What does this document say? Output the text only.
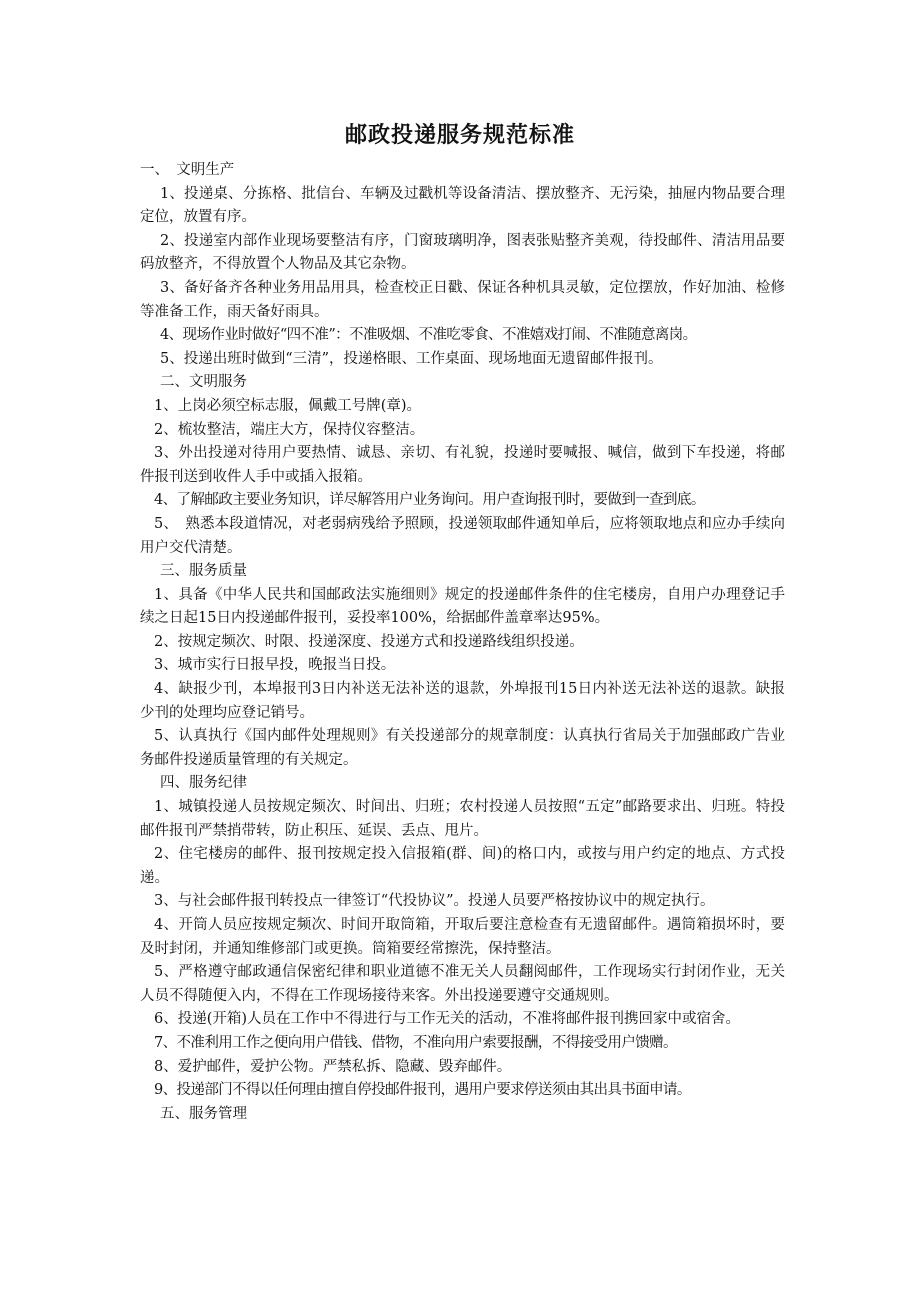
邮政投递服务规范标准

一、　文明生产

1、投递桌、分拣格、批信台、车辆及过戳机等设备清洁、摆放整齐、无污染，抽屉内物品要合理定位，放置有序。

2、投递室内部作业现场要整洁有序，门窗玻璃明净，图表张贴整齐美观，待投邮件、清洁用品要码放整齐，不得放置个人物品及其它杂物。

3、备好备齐各种业务用品用具，检查校正日戳、保证各种机具灵敏，定位摆放，作好加油、检修等准备工作，雨天备好雨具。

4、现场作业时做好“四不准”：不准吸烟、不准吃零食、不准嬉戏打闹、不准随意离岗。

5、投递出班时做到“三清”，投递格眼、工作桌面、现场地面无遗留邮件报刊。

二、文明服务

1、上岗必须空标志服，佩戴工号牌(章)。

2、梳妆整洁，端庄大方，保持仪容整洁。

3、外出投递对待用户要热情、诚恳、亲切、有礼貌，投递时要喊报、喊信，做到下车投递，将邮件报刊送到收件人手中或插入报箱。

4、了解邮政主要业务知识，详尽解答用户业务询问。用户查询报刊时，要做到一查到底。

5、　熟悉本段道情况，对老弱病残给予照顾，投递领取邮件通知单后，应将领取地点和应办手续向用户交代清楚。

三、服务质量

1、具备《中华人民共和国邮政法实施细则》规定的投递邮件条件的住宅楼房，自用户办理登记手续之日起15日内投递邮件报刊，妥投率100%，给据邮件盖章率达95%。

2、按规定频次、时限、投递深度、投递方式和投递路线组织投递。

3、城市实行日报早投，晚报当日投。

4、缺报少刊，本埠报刊3日内补送无法补送的退款，外埠报刊15日内补送无法补送的退款。缺报少刊的处理均应登记销号。

5、认真执行《国内邮件处理规则》有关投递部分的规章制度：认真执行省局关于加强邮政广告业务邮件投递质量管理的有关规定。

四、服务纪律

1、城镇投递人员按规定频次、时间出、归班；农村投递人员按照“五定”邮路要求出、归班。特投邮件报刊严禁捎带转，防止积压、延误、丢点、甩片。

2、住宅楼房的邮件、报刊按规定投入信报箱(群、间)的格口内，或按与用户约定的地点、方式投递。

3、与社会邮件报刊转投点一律签订“代投协议”。投递人员要严格按协议中的规定执行。

4、开筒人员应按规定频次、时间开取筒箱，开取后要注意检查有无遗留邮件。遇筒箱损坏时，要及时封闭，并通知维修部门或更换。筒箱要经常擦洗，保持整洁。

5、严格遵守邮政通信保密纪律和职业道德不准无关人员翻阅邮件，工作现场实行封闭作业，无关人员不得随便入内，不得在工作现场接待来客。外出投递要遵守交通规则。

6、投递(开箱)人员在工作中不得进行与工作无关的活动，不准将邮件报刊携回家中或宿舍。

7、不准利用工作之便向用户借钱、借物，不准向用户索要报酬，不得接受用户馈赠。

8、爱护邮件，爱护公物。严禁私拆、隐藏、毁弃邮件。

9、投递部门不得以任何理由擅自停投邮件报刊，遇用户要求停送须由其出具书面申请。

五、服务管理
